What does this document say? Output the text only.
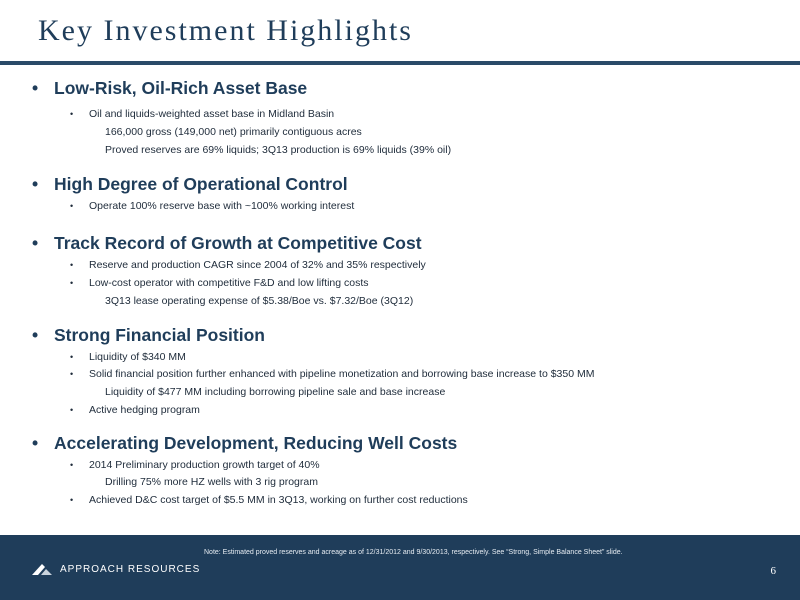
Key Investment Highlights
• Low-Risk, Oil-Rich Asset Base
• Oil and liquids-weighted asset base in Midland Basin
166,000 gross (149,000 net) primarily contiguous acres
Proved reserves are 69% liquids; 3Q13 production is 69% liquids (39% oil)
• High Degree of Operational Control
• Operate 100% reserve base with ~100% working interest
• Track Record of Growth at Competitive Cost
• Reserve and production CAGR since 2004 of 32% and 35% respectively
• Low-cost operator with competitive F&D and low lifting costs
3Q13 lease operating expense of $5.38/Boe vs. $7.32/Boe (3Q12)
• Strong Financial Position
• Liquidity of $340 MM
• Solid financial position further enhanced with pipeline monetization and borrowing base increase to $350 MM
Liquidity of $477 MM including borrowing pipeline sale and base increase
• Active hedging program
• Accelerating Development, Reducing Well Costs
• 2014 Preliminary production growth target of 40%
Drilling 75% more HZ wells with 3 rig program
• Achieved D&C cost target of $5.5 MM in 3Q13, working on further cost reductions
Note: Estimated proved reserves and acreage as of 12/31/2012 and 9/30/2013, respectively. See “Strong, Simple Balance Sheet” slide.
APPROACH RESOURCES	6
